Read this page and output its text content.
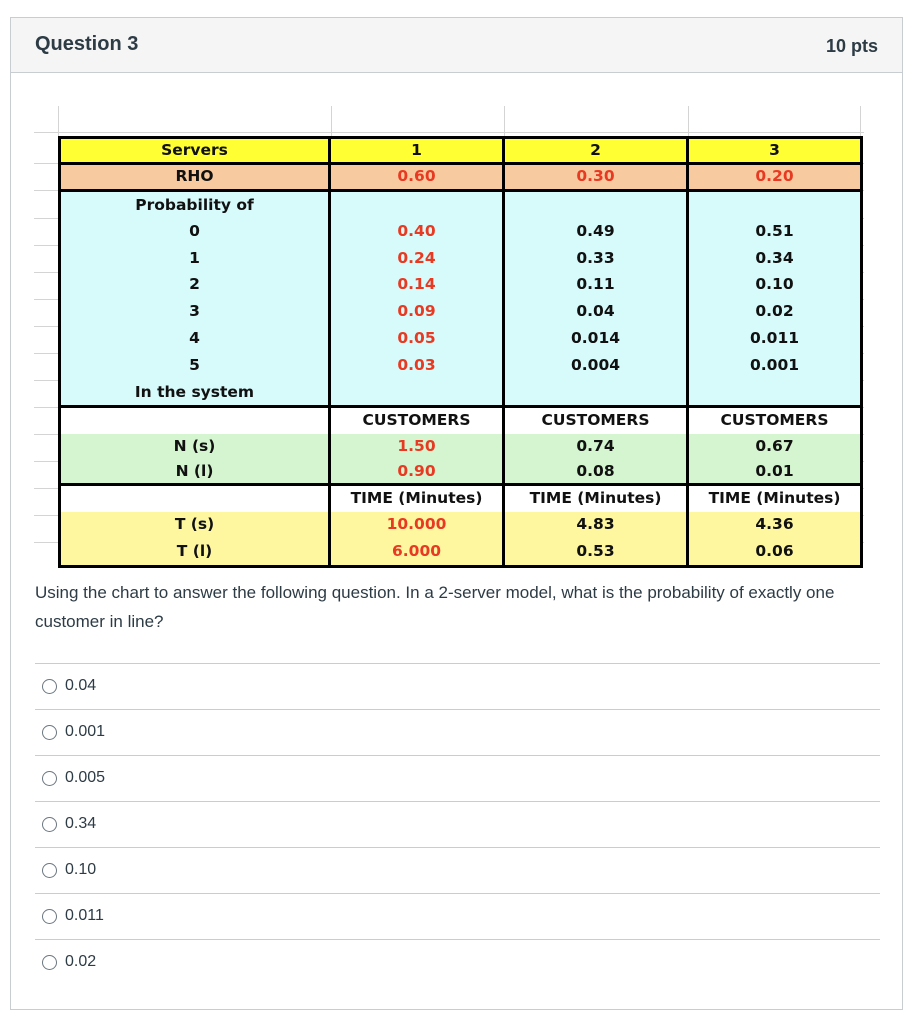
Question 3	10 pts
Servers	1	2	3
RHO	0.60	0.30	0.20
Probability of			
0	0.40	0.49	0.51
1	0.24	0.33	0.34
2	0.14	0.11	0.10
3	0.09	0.04	0.02
4	0.05	0.014	0.011
5	0.03	0.004	0.001
In the system			
	CUSTOMERS	CUSTOMERS	CUSTOMERS
N (s)	1.50	0.74	0.67
N (l)	0.90	0.08	0.01
	TIME (Minutes)	TIME (Minutes)	TIME (Minutes)
T (s)	10.000	4.83	4.36
T (l)	6.000	0.53	0.06
Using the chart to answer the following question. In a 2-server model, what is the probability of exactly one customer in line?
0.04
0.001
0.005
0.34
0.10
0.011
0.02
